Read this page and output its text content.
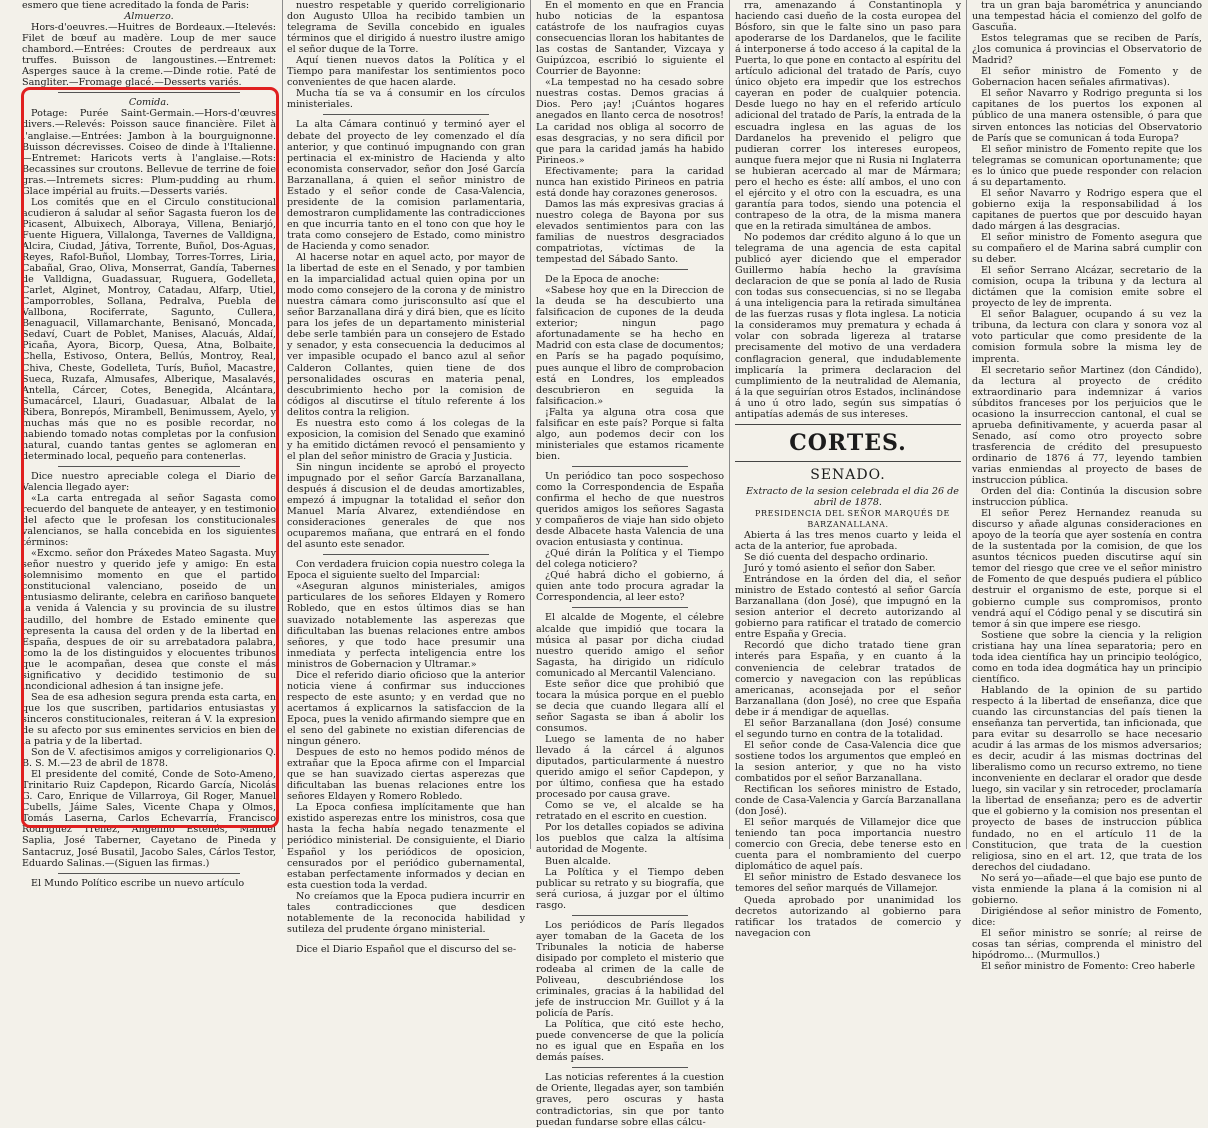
esmero que tiene acreditado la fonda de Paris:

Almuerzo.

Hors-d'oeuvres.—Huitres de Bordeaux.—Itelevés: Filet de bœuf au madère. Loup de mer sauce chambord.—Entrées: Croutes de perdreaux aux truffes. Buisson de langoustines.—Entremet: Asperges sauce à la creme.—Dinde rotie. Paté de Sangliter.—Fromage glacé.—Desserts variés.

Comida.

Potage: Purée Saint-Germain.—Hors-d'œuvres divers.—Relevés: Poisson sauce financière. Filet à l'anglaise.—Entrées: Jambon à la bourguignonne. Buisson décrevisses. Coiseo de dinde à l'Italienne.—Entremet: Haricots verts à l'anglaise.—Rots: Becassines sur croutons. Bellevue de terrine de foie gras.—Intremets sicres: Plum-pudding au rhum. Glace impérial au fruits.—Desserts variés.

Los comités que en el Circulo constitucional acudieron á saludar al señor Sagasta fueron los de Picasent, Albuixech, Alboraya, Villena, Beniarjó, Fuente Higuera, Villalonga, Tavernes de Valldigna, Alcira, Ciudad, Játiva, Torrente, Buñol, Dos-Aguas, Reyes, Rafol-Buñol, Llombay, Torres-Torres, Liria, Cabañal, Grao, Oliva, Monserrat, Gandía, Tabernes de Valldigna, Guadassuar, Ruguera, Godelleta, Carlet, Alginet, Montroy, Catadau, Alfarp, Utiel, Camporrobles, Sollana, Pedralva, Puebla de Vallbona, Rociferrate, Sagunto, Cullera, Benaguacil, Villamarchante, Benisanó, Moncada, Sedaví, Cuart de Poblet, Manises, Alacuás, Aldaí, Picaña, Ayora, Bicorp, Quesa, Atna, Bolbaite, Chella, Estivoso, Ontera, Bellús, Montroy, Real, Chiva, Cheste, Godelleta, Turís, Buñol, Macastre, Sueca, Ruzafa, Almusafes, Alberique, Masalavés, Antella, Cárcer, Cotes, Benegida, Alcántara, Sumacárcel, Llauri, Guadasuar, Albalat de la Ribera, Bonrepós, Mirambell, Benimussem, Ayelo, y muchas más que no es posible recordar, no habiendo tomado notas completas por la confusion natural, cuando tantas gentes se aglomeran en determinado local, pequeño para contenerlas.

Dice nuestro apreciable colega el Diario de Valencia llegado ayer:

«La carta entregada al señor Sagasta como recuerdo del banquete de anteayer, y en testimonio del afecto que le profesan los constitucionales valencianos, se halla concebida en los siguientes términos:

«Excmo. señor don Práxedes Mateo Sagasta. Muy señor nuestro y querido jefe y amigo: En esta solemnisimo momento en que el partido constitucional valenciano, poseido de un entusiasmo delirante, celebra en cariñoso banquete la venida á Valencia y su provincia de su ilustre caudillo, del hombre de Estado eminente que representa la causa del orden y de la libertad en España, despues de oir su arrebatadora palabra, como la de los distinguidos y elocuentes tribunos que le acompañan, desea que conste el más significativo y decidido testimonio de su incondicional adhesion á tan insigne jefe.

Sea de esa adhesion segura prenda esta carta, en que los que suscriben, partidarios entusiastas y sinceros constitucionales, reiteran á V. la expresion de su afecto por sus eminentes servicios en bien de la patria y de la libertad.

Son de V. afectisimos amigos y correligionarios Q. B. S. M.—23 de abril de 1878.

El presidente del comité, Conde de Soto-Ameno, Trinitario Ruiz Capdepon, Ricardo García, Nicolás G. Caro, Enrique de Villarroya, Gil Roger, Manuel Cubells, Jáime Sales, Vicente Chapa y Olmos, Tomás Laserna, Carlos Echevarría, Francisco Rodriguez Trellez, Angelino Estellés, Manuel Saplia, José Taberner, Cayetano de Pineda y Santacruz, José Busatil, Jacobo Sales, Cárlos Testor, Eduardo Salinas.—(Siguen las firmas.)

El Mundo Político escribe un nuevo artículo

nuestro respetable y querido correligionario don Augusto Ulloa ha recibido tambien un telegrama de Sevilla concebido en iguales términos que el dirigido á nuestro ilustre amigo el señor duque de la Torre.

Aquí tienen nuevos datos la Política y el Tiempo para manifestar los sentimientos poco convenientes de que hacen alarde.

Mucha tía se va á consumir en los círculos ministeriales.

La alta Cámara continuó y terminó ayer el debate del proyecto de ley comenzado el día anterior, y que continuó impugnando con gran pertinacia el ex-ministro de Hacienda y alto economista conservador, señor don José García Barzanallana, á quien el señor ministro de Estado y el señor conde de Casa-Valencia, presidente de la comision parlamentaria, demostraron cumplidamente las contradicciones en que incurria tanto en el tono con que hoy le trata como consejero de Estado, como ministro de Hacienda y como senador.

Al hacerse notar en aquel acto, por mayor de la libertad de este en el Senado, y por tambien en la imparcialidad actual quien opina por un modo como consejero de la corona y de ministro nuestra cámara como jurisconsulto así que el señor Barzanallana dirá y dirá bien, que es lícito para los jefes de un departamento ministerial debe serle también para un consejero de Estado y senador, y esta consecuencia la deducimos al ver impasible ocupado el banco azul al señor Calderon Collantes, quien tiene de dos personalidades oscuras en materia penal, descubrimiento hecho por la comision de códigos al discutirse el título referente á los delitos contra la religion.

Es nuestra esto como á los colegas de la exposicion, la comision del Senado que examinó y ha emitido dictámen revocó el pensamiento y el plan del señor ministro de Gracia y Justicia.

Sin ningun incidente se aprobó el proyecto impugnado por el señor García Barzanallana, después á discusion el de deudas amortizables, empezó á impugnar la totalidad el señor don Manuel María Alvarez, extendiéndose en consideraciones generales de que nos ocuparemos mañana, que entrará en el fondo del asunto este senador.

Con verdadera fruicion copia nuestro colega la Epoca el siguiente suelto del Imparcial:

«Aseguran algunos ministeriales, amigos particulares de los señores Eldayen y Romero Robledo, que en estos últimos dias se han suavizado notablemente las asperezas que dificultaban las buenas relaciones entre ambos señores, y que todo hace presumir una inmediata y perfecta inteligencia entre los ministros de Gobernacion y Ultramar.»

Dice el referido diario oficioso que la anterior noticia viene á confirmar sus inducciones respecto de este asunto; y en verdad que no acertamos á explicarnos la satisfaccion de la Epoca, pues la venido afirmando siempre que en el seno del gabinete no existian diferencias de ningun género.

Despues de esto no hemos podido ménos de extrañar que la Epoca afirme con el Imparcial que se han suavizado ciertas asperezas que dificultaban las buenas relaciones entre los señores Eldayen y Romero Robledo.

La Epoca confiesa implícitamente que han existido asperezas entre los ministros, cosa que hasta la fecha había negado tenazmente el periódico ministerial. De consiguiente, el Diario Español y los periódicos de oposicion, censurados por el periódico gubernamental, estaban perfectamente informados y decian en esta cuestion toda la verdad.

No creíamos que la Epoca pudiera incurrir en tales contradicciones que desdicen notablemente de la reconocida habilidad y sutileza del prudente órgano ministerial.

Dice el Diario Español que el discurso del se-

En el momento en que en Francia hubo noticias de la espantosa catástrofe de los naufragios cuyas consecuencias lloran los habitantes de las costas de Santander, Vizcaya y Guipúzcoa, escribió lo siguiente el Courrier de Bayonne:

«La tempestad no ha cesado sobre nuestras costas. Demos gracias á Dios. Pero ¡ay! ¡Cuántos hogares anegados en llanto cerca de nosotros! La caridad nos obliga al socorro de esas desgracias, y no sera dificil por que para la caridad jamás ha habido Pirineos.»

Efectivamente; para la caridad nunca han existido Pirineos en patria está donde hay corazones generosos.

Damos las más expresivas gracias á nuestro colega de Bayona por sus elevados sentimientos para con las familias de nuestros desgraciados compatriotas, víctimas de la tempestad del Sábado Santo.

De la Epoca de anoche:

«Sabese hoy que en la Direccion de la deuda se ha descubierto una falsificacion de cupones de la deuda exterior; ningun pago afortunadamente se ha hecho en Madrid con esta clase de documentos; en París se ha pagado poquísimo, pues aunque el libro de comprobacion está en Londres, los empleados descubrieron en seguida la falsificacion.»

¡Falta ya alguna otra cosa que falsificar en este país? Porque si falta algo, aun podemos decir con los ministeriales que estamos ricamente bien.

Un periódico tan poco sospechoso como la Correspondencia de España confirma el hecho de que nuestros queridos amigos los señores Sagasta y compañeros de viaje han sido objeto desde Albacete hasta Valencia de una ovacion entusiasta y continua.

¿Qué dirán la Política y el Tiempo del colega noticiero?

¿Qué habrá dicho el gobierno, á quien ante todo procura agradar la Correspondencia, al leer esto?

El alcalde de Mogente, el célebre alcalde que impidió que tocara la música al pasar por dicha ciudad nuestro querido amigo el señor Sagasta, ha dirigido un ridículo comunicado al Mercantil Valenciano.

Este señor dice que prohibió que tocara la música porque en el pueblo se decia que cuando llegara allí el señor Sagasta se iban á abolir los consumos.

Luego se lamenta de no haber llevado á la cárcel á algunos diputados, particularmente á nuestro querido amigo el señor Capdepon, y por último, confiesa que ha estado procesado por causa grave.

Como se ve, el alcalde se ha retratado en el escrito en cuestion.

Por los detalles copiados se adivina los pueblos que calza la altísima autoridad de Mogente.

Buen alcalde.

La Política y el Tiempo deben publicar su retrato y su biografía, que será curiosa, á juzgar por el último rasgo.

Los periódicos de París llegados ayer tomaban de la Gaceta de los Tribunales la noticia de haberse disipado por completo el misterio que rodeaba al crimen de la calle de Poliveau, descubriéndose los criminales, gracias á la habilidad del jefe de instruccion Mr. Guillot y á la policía de París.

La Política, que citó este hecho, puede convencerse de que la policía no es igual que en España en los demás países.

Las noticias referentes á la cuestion de Oriente, llegadas ayer, son también graves, pero oscuras y hasta contradictorias, sin que por tanto puedan fundarse sobre ellas cálcu-

rra, amenazando á Constantinopla y haciendo casi dueño de la costa europea del Bósforo, sin que le falte sino un paso para apoderarse de los Dardanelos, que le facilite á interponerse á todo acceso á la capital de la Puerta, lo que pone en contacto al espíritu del artículo adicional del tratado de París, cuyo único objeto era impedir que los estrechos cayeran en poder de cualquier potencia. Desde luego no hay en el referido artículo adicional del tratado de París, la entrada de la escuadra inglesa en las aguas de los Dardanelos ha prevenido el peligro que pudieran correr los intereses europeos, aunque fuera mejor que ni Rusia ni Inglaterra se hubieran acercado al mar de Mármara; pero el hecho es éste: allí ambos, el uno con el ejército y el otro con la escuadra, es una garantía para todos, siendo una potencia el contrapeso de la otra, de la misma manera que en la retirada simultánea de ambos.

No podemos dar crédito alguno á lo que un telegrama de una agencia de esta capital publicó ayer diciendo que el emperador Guillermo había hecho la gravísima declaracion de que se ponía al lado de Rusia con todas sus consecuencias, si no se llegaba á una inteligencia para la retirada simultánea de las fuerzas rusas y flota inglesa. La noticia la consideramos muy prematura y echada á volar con sobrada ligereza al tratarse precisamente del motivo de una verdadera conflagracion general, que indudablemente implicaría la primera declaracion del cumplimiento de la neutralidad de Alemania, á la que seguirían otros Estados, inclinándose á uno ú otro lado, según sus simpatías ó antipatías además de sus intereses.

CORTES.
SENADO.

Extracto de la sesion celebrada el dia 26 de abril de 1878.

PRESIDENCIA DEL SEÑOR MARQUÉS DE BARZANALLANA.

Abierta á las tres menos cuarto y leida el acta de la anterior, fue aprobada.

Se dió cuenta del despacho ordinario.

Juró y tomó asiento el señor don Saber.

Entrándose en la órden del dia, el señor ministro de Estado contestó al señor García Barzanallana (don José), que impugnó en la sesion anterior el decreto autorizando al gobierno para ratificar el tratado de comercio entre España y Grecia.

Recordó que dicho tratado tiene gran interés para España, y en cuanto á la conveniencia de celebrar tratados de comercio y navegacion con las repúblicas americanas, aconsejada por el señor Barzanallana (don José), no cree que España debe ir á mendigar de aquellas.

El señor Barzanallana (don José) consume el segundo turno en contra de la totalidad.

El señor conde de Casa-Valencia dice que sostiene todos los argumentos que empleó en la sesion anterior, y que no ha visto combatidos por el señor Barzanallana.

Rectifican los señores ministro de Estado, conde de Casa-Valencia y García Barzanallana (don José).

El señor marqués de Villamejor dice que teniendo tan poca importancia nuestro comercio con Grecia, debe tenerse esto en cuenta para el nombramiento del cuerpo diplomático de aquel país.

El señor ministro de Estado desvanece los temores del señor marqués de Villamejor.

Queda aprobado por unanimidad los decretos autorizando al gobierno para ratificar los tratados de comercio y navegacion con

tra un gran baja barométrica y anunciando una tempestad hácia el comienzo del golfo de Gascuña.

Estos telegramas que se reciben de París, ¿los comunica á provincias el Observatorio de Madrid?

El señor ministro de Fomento y de Gobernacion hacen señales afirmativas).

El señor Navarro y Rodrigo pregunta si los capitanes de los puertos los exponen al público de una manera ostensible, ó para que sirven entonces las noticias del Observatorio de París que se comunican á toda Europa?

El señor ministro de Fomento repite que los telegramas se comunican oportunamente; que es lo único que puede responder con relacion á su departamento.

El señor Navarro y Rodrigo espera que el gobierno exija la responsabilidad á los capitanes de puertos que por descuido hayan dado márgen á las desgracias.

El señor ministro de Fomento asegura que su compañero el de Marina sabrá cumplir con su deber.

El señor Serrano Alcázar, secretario de la comision, ocupa la tribuna y da lectura al dictámen que la comision emite sobre el proyecto de ley de imprenta.

El señor Balaguer, ocupando á su vez la tribuna, da lectura con clara y sonora voz al voto particular que como presidente de la comision formula sobre la misma ley de imprenta.

El secretario señor Martinez (don Cándido), da lectura al proyecto de crédito extraordinario para indemnizar á varios súbditos franceses por los perjuicios que le ocasiono la insurreccion cantonal, el cual se aprueba definitivamente, y acuerda pasar al Senado, así como otro proyecto sobre trasferencia de crédito del presupuesto ordinario de 1876 á 77, leyendo tambien varias enmiendas al proyecto de bases de instruccion pública.

Orden del dia: Continúa la discusion sobre instruccion pública.

El señor Perez Hernandez reanuda su discurso y añade algunas consideraciones en apoyo de la teoría que ayer sostenía en contra de la sustentada por la comision, de que los asuntos técnicos pueden discutirse aquí sin temor del riesgo que cree ve el señor ministro de Fomento de que después pudiera el público destruir el organismo de este, porque si el gobierno cumple sus compromisos, pronto vendrá aquí el Código penal y se discutirá sin temor á sin que impere ese riesgo.

Sostiene que sobre la ciencia y la religion cristiana hay una línea separatoria; pero en toda idea científica hay un principio teológico, como en toda idea dogmática hay un principio científico.

Hablando de la opinion de su partido respecto á la libertad de enseñanza, dice que cuando las circunstancias del país tienen la enseñanza tan pervertida, tan inficionada, que para evitar su desarrollo se hace necesario acudir á las armas de los mismos adversarios; es decir, acudir á las mismas doctrinas del liberalismo como un recurso extremo, no tiene inconveniente en declarar el orador que desde luego, sin vacilar y sin retroceder, proclamaría la libertad de enseñanza; pero es de advertir que el gobierno y la comision nos presentan el proyecto de bases de instruccion pública fundado, no en el artículo 11 de la Constitucion, que trata de la cuestion religiosa, sino en el art. 12, que trata de los derechos del ciudadano.

No será yo—añade—el que bajo ese punto de vista enmiende la plana á la comision ni al gobierno.

Dirigiéndose al señor ministro de Fomento, dice:

El señor ministro se sonríe; al reirse de cosas tan sérias, comprenda el ministro del hipódromo... (Murmullos.)

El señor ministro de Fomento: Creo haberle
